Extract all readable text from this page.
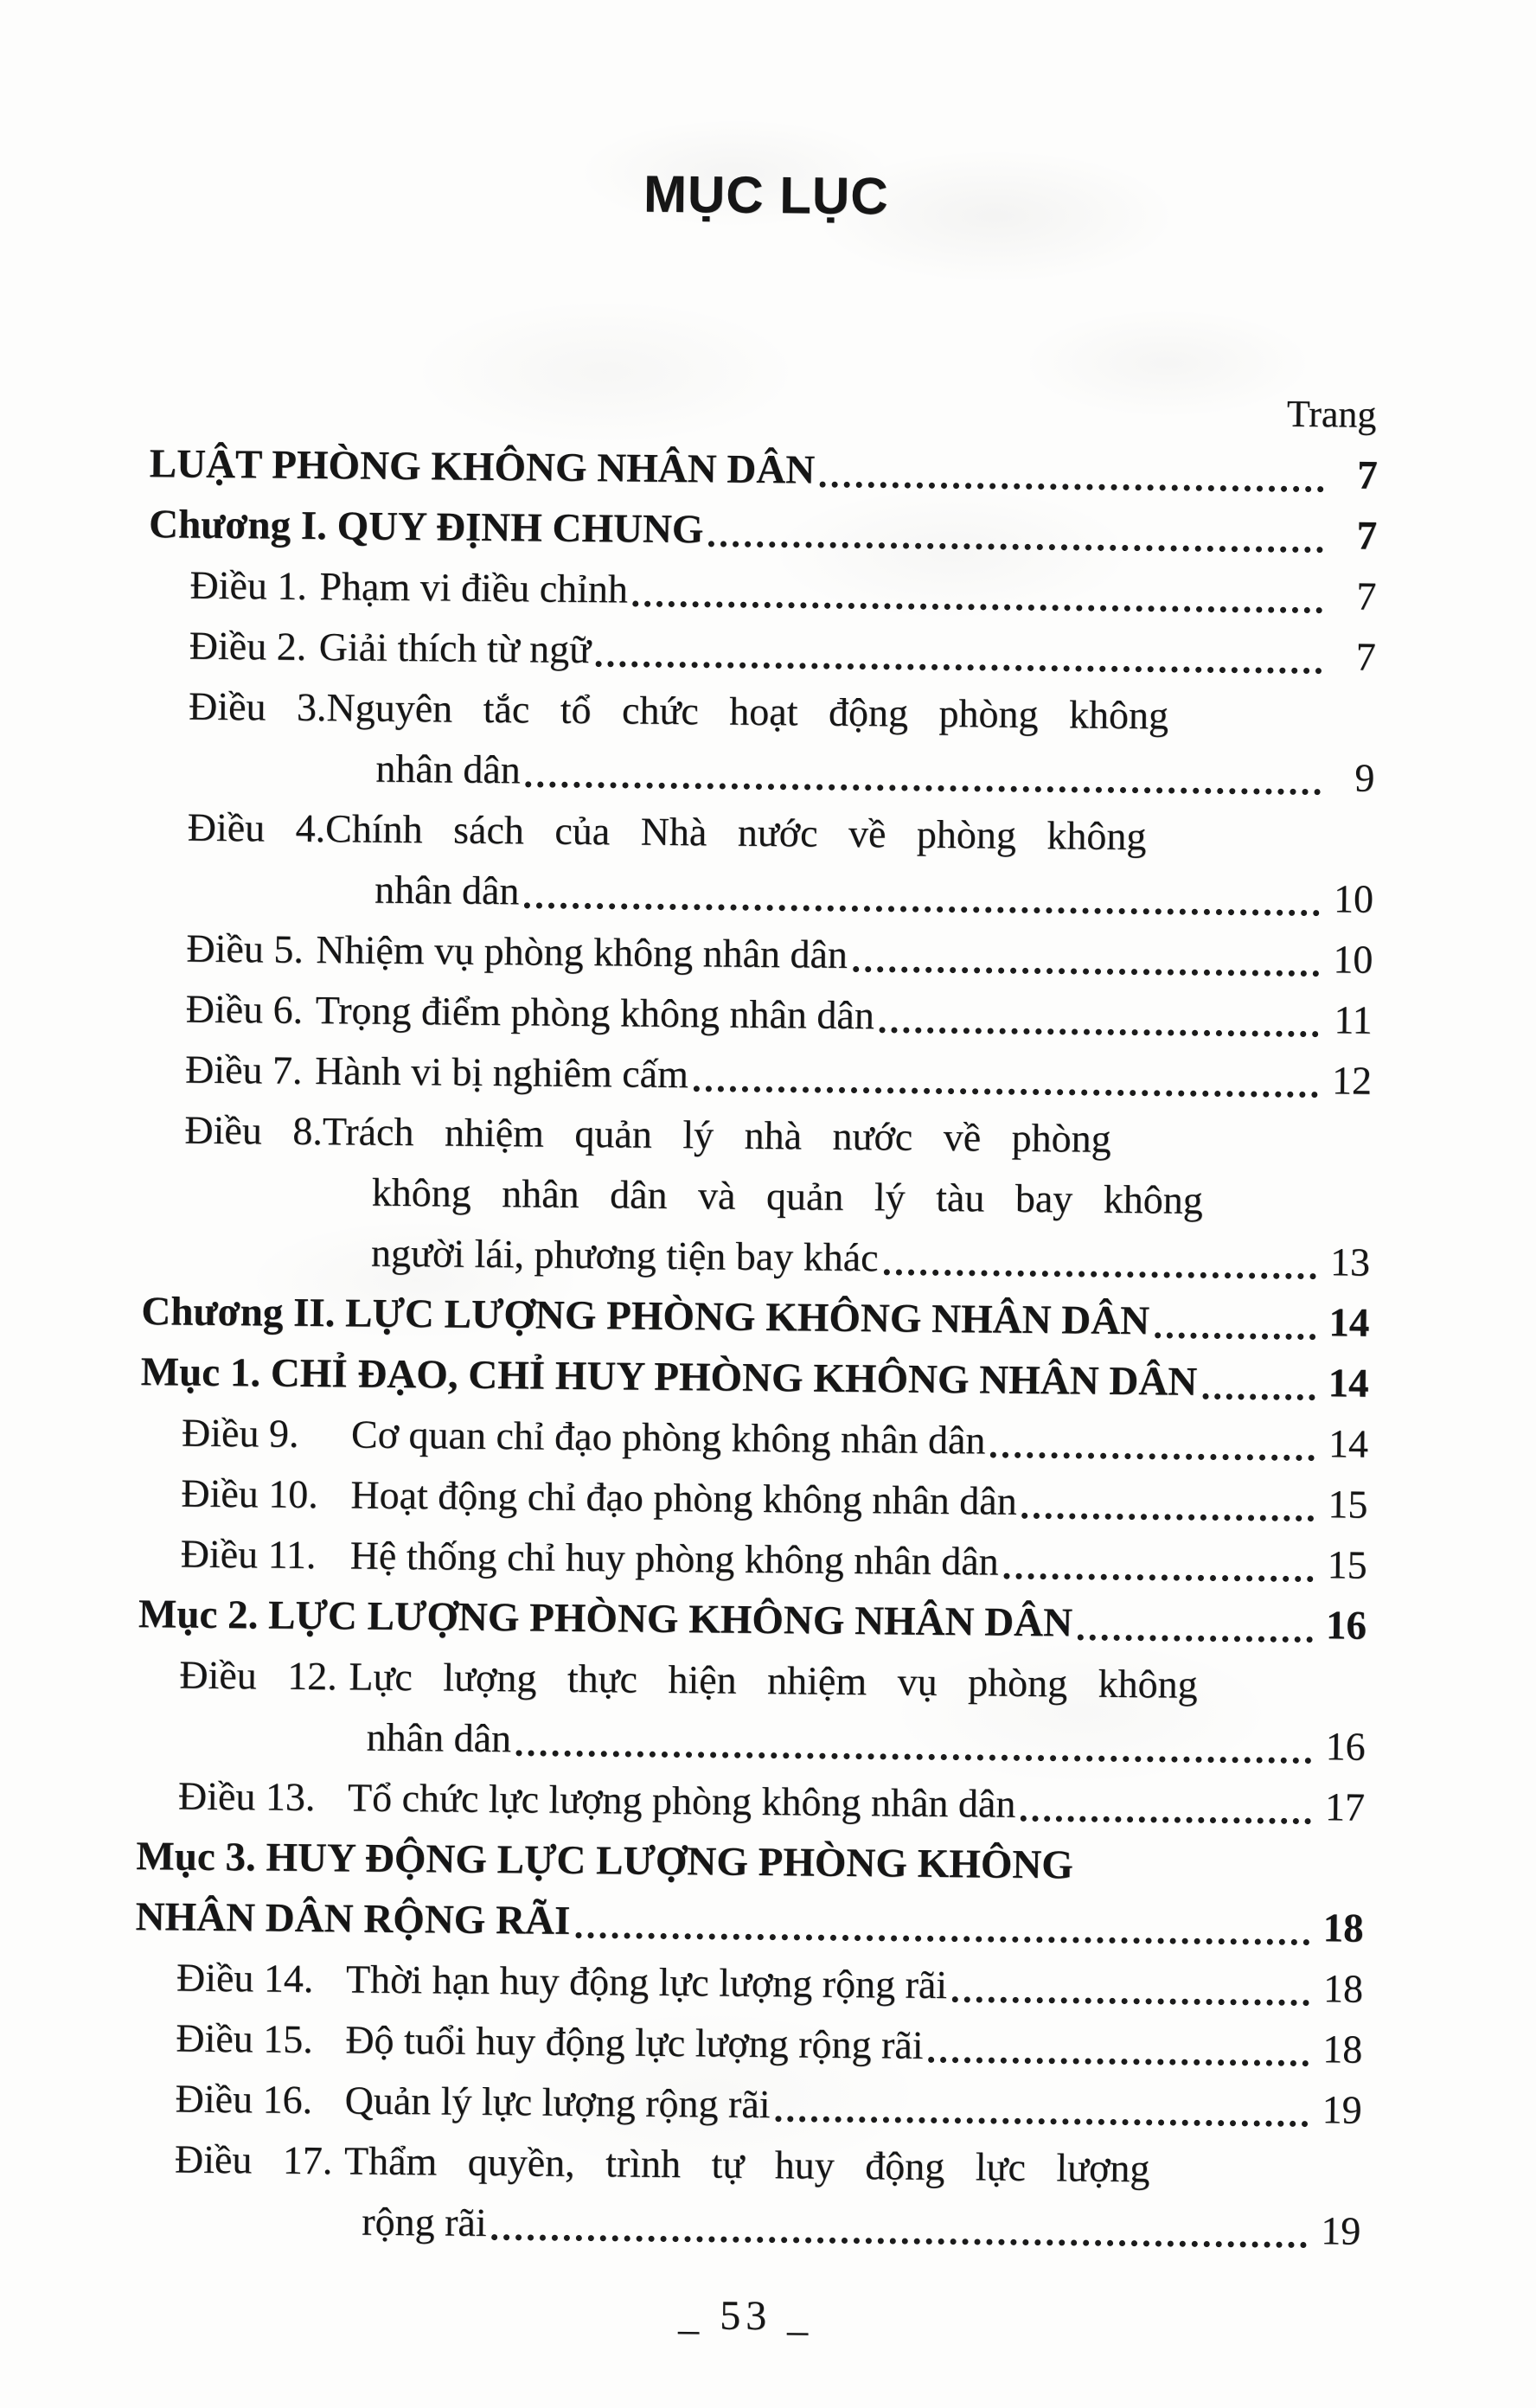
MỤC LỤC
Trang
LUẬT PHÒNG KHÔNG NHÂN DÂN	7
Chương I. QUY ĐỊNH CHUNG	7
Điều 1. Phạm vi điều chỉnh	7
Điều 2. Giải thích từ ngữ	7
Điều 3.Nguyên tắc tổ chức hoạt động phòng không
nhân dân	9
Điều 4.Chính sách của Nhà nước về phòng không
nhân dân	10
Điều 5. Nhiệm vụ phòng không nhân dân	10
Điều 6. Trọng điểm phòng không nhân dân	11
Điều 7. Hành vi bị nghiêm cấm	12
Điều 8.Trách nhiệm quản lý nhà nước về phòng
không nhân dân và quản lý tàu bay không
người lái, phương tiện bay khác	13
Chương II. LỰC LƯỢNG PHÒNG KHÔNG NHÂN DÂN	14
Mục 1. CHỈ ĐẠO, CHỈ HUY PHÒNG KHÔNG NHÂN DÂN	14
Điều 9. Cơ quan chỉ đạo phòng không nhân dân	14
Điều 10. Hoạt động chỉ đạo phòng không nhân dân	15
Điều 11. Hệ thống chỉ huy phòng không nhân dân	15
Mục 2. LỰC LƯỢNG PHÒNG KHÔNG NHÂN DÂN	16
Điều 12. Lực lượng thực hiện nhiệm vụ phòng không
nhân dân	16
Điều 13. Tổ chức lực lượng phòng không nhân dân	17
Mục 3. HUY ĐỘNG LỰC LƯỢNG PHÒNG KHÔNG
NHÂN DÂN RỘNG RÃI	18
Điều 14. Thời hạn huy động lực lượng rộng rãi	18
Điều 15. Độ tuổi huy động lực lượng rộng rãi	18
Điều 16. Quản lý lực lượng rộng rãi	19
Điều 17. Thẩm quyền, trình tự huy động lực lượng
rộng rãi	19
_ 53 _
